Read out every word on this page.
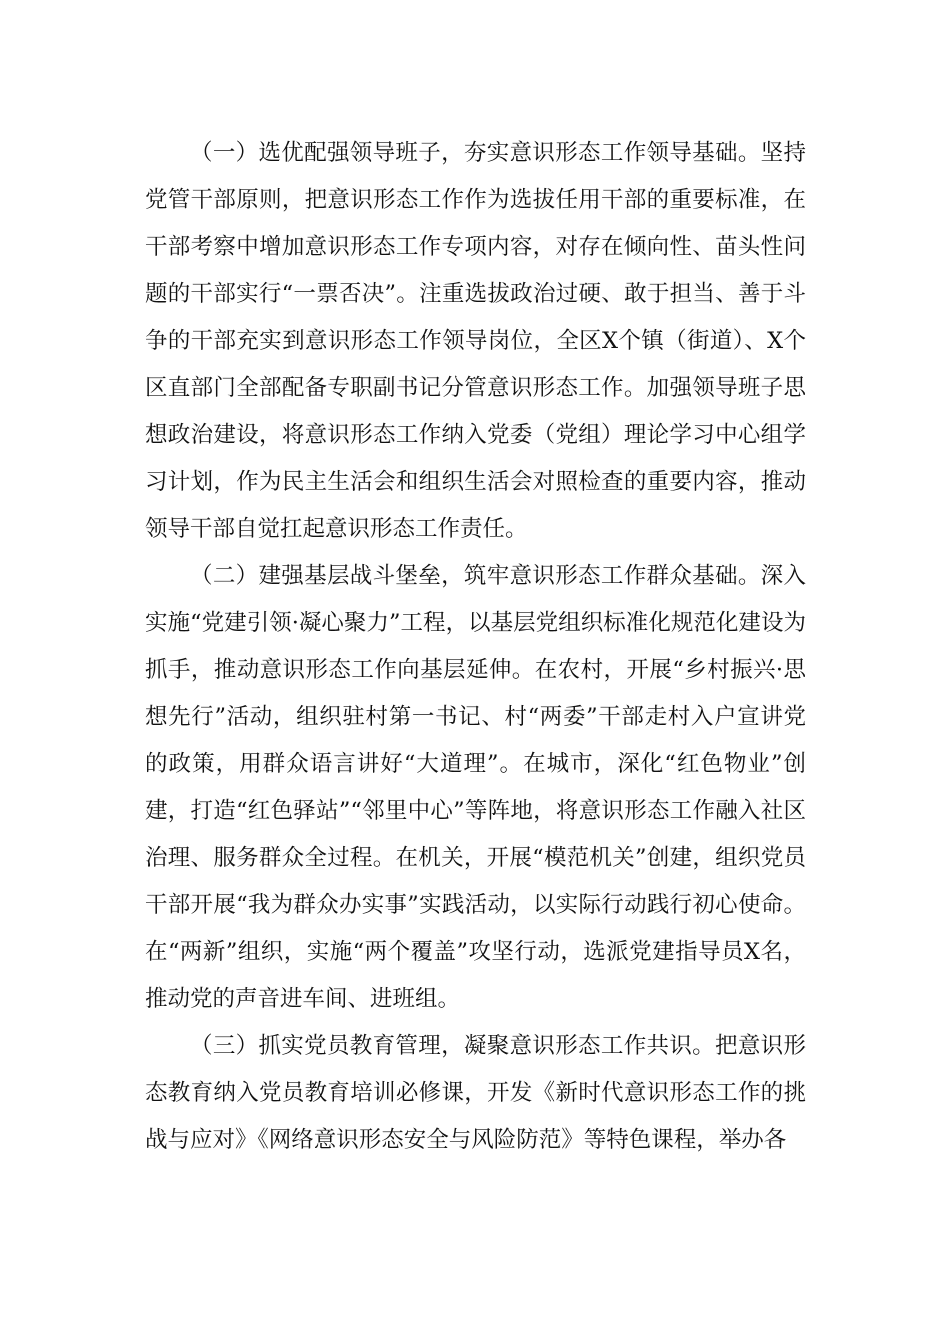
（一）选优配强领导班子，夯实意识形态工作领导基础。坚持党管干部原则，把意识形态工作作为选拔任用干部的重要标准，在干部考察中增加意识形态工作专项内容，对存在倾向性、苗头性问题的干部实行“一票否决”。注重选拔政治过硬、敢于担当、善于斗争的干部充实到意识形态工作领导岗位，全区X个镇（街道）、X个区直部门全部配备专职副书记分管意识形态工作。加强领导班子思想政治建设，将意识形态工作纳入党委（党组）理论学习中心组学习计划，作为民主生活会和组织生活会对照检查的重要内容，推动领导干部自觉扛起意识形态工作责任。

（二）建强基层战斗堡垒，筑牢意识形态工作群众基础。深入实施“党建引领·凝心聚力”工程，以基层党组织标准化规范化建设为抓手，推动意识形态工作向基层延伸。在农村，开展“乡村振兴·思想先行”活动，组织驻村第一书记、村“两委”干部走村入户宣讲党的政策，用群众语言讲好“大道理”。在城市，深化“红色物业”创建，打造“红色驿站”“邻里中心”等阵地，将意识形态工作融入社区治理、服务群众全过程。在机关，开展“模范机关”创建，组织党员干部开展“我为群众办实事”实践活动，以实际行动践行初心使命。在“两新”组织，实施“两个覆盖”攻坚行动，选派党建指导员X名，推动党的声音进车间、进班组。

（三）抓实党员教育管理，凝聚意识形态工作共识。把意识形态教育纳入党员教育培训必修课，开发《新时代意识形态工作的挑战与应对》《网络意识形态安全与风险防范》等特色课程，举办各
